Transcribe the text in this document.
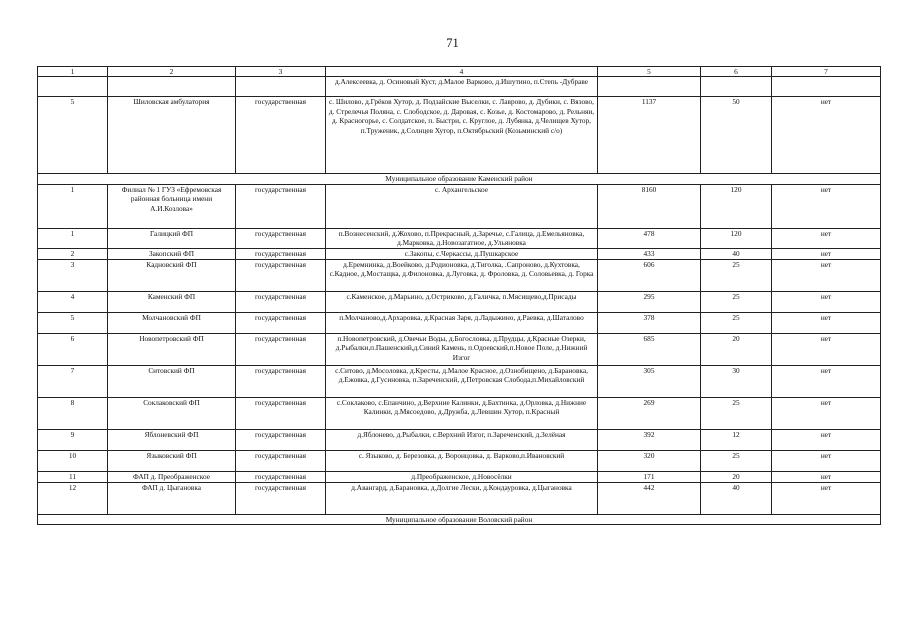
71
1	2	3	4	5	6	7
			д.Алексеевка, д. Осиновый Куст, д.Малое Варково, д.Ишутино, п.Степь -Дубраве			
5	Шиловская амбулатория	государственная	с. Шилово, д.Грёков Хутор, д. Подзайские Выселки, с. Лаврово, д. Дубики, с. Вязово, д. Стрелечья Поляна, с. Слободское, д. Даровая, с. Козье, д. Костомарово, д. Рельняи, д. Красногорье, с. Солдатское, п. Быстри, с. Круглое, д. Лубянка, д.Челищев Хутор, п.Труженик, д.Солнцев Хутор, п.Октябрьский (Козьминский с/о)	1137	50	нет
Муниципальное образование Каменский район						
1	Филиал № 1 ГУЗ «Ефремовская районная больница имени А.И.Козлова»	государственная	с. Архангельское	8160	120	нет
1	Галицкий ФП	государственная	п.Вознесенский, д.Жохово, п.Прекрасный, д.Заречье, с.Галица, д.Емельяновка, д.Марковка, д.Новозагатное, д.Ульяновка	478	120	нет
2	Закопский ФП	государственная	с.Закопы, с.Черкассы, д.Пушкарское	433	40	нет
3	Кадновский ФП	государственная	д.Еремнинка, д.Воейково, д.Родионовка, д.Тиголка, .Сапроново, д.Кухтовка, с.Кадное, д.Мостащка, д.Филоновка, д.Луговка, д. Фроловка, д. Соловьевка, д. Горка	606	25	нет
4	Каменский ФП	государственная	с.Каменское, д.Марьино, д.Остриково, д.Галичка, п.Мясищево,д.Присады	295	25	нет
5	Молчановский ФП	государственная	п.Молчаново,д.Архаровка, д.Красная Заря, д.Ладыжино, д.Раевка, д.Шаталово	378	25	нет
6	Новопетровский ФП	государственная	п.Новопетровский, д.Овечьи Воды, д.Богословка, д.Прудцы, д.Красные Озерки, д.Рыбалки,п.Пашенский,д.Синий Камень, п.Одоевский,п.Новое Поле, д.Нижний Изгог	685	20	нет
7	Ситовский ФП	государственная	с.Ситово, д.Мосоловка, д.Кресты, д.Малое Красное, д.Ознобищено, д.Барановка, д.Ежовка, д.Гусиновка, п.Зареченский, д.Петровская Слобода,п.Михайловский	305	30	нет
8	Соклаковский ФП	государственная	с.Соклаково, с.Епанчино, д.Верхние Калинки, д.Бахтинка, д.Орловка, д.Нижние Калинки, д.Мясоедово, д.Дружба, д.Левшин Хутор, п.Красный	269	25	нет
9	Яблоневский ФП	государственная	д.Яблонево, д.Рыбалки, с.Верхний Изгог, п.Зареченский, д.Зелёная	392	12	нет
10	Языковский ФП	государственная	с. Языково, д. Березовка, д. Воронцовка, д. Варково,п.Ивановский	320	25	нет
11	ФАП д. Преображенское	государственная	д.Преображенское, д.Новосёлки	171	20	нет
12	ФАП д. Цыгановка	государственная	д.Авангард, д.Барановка, д.Долгие Лески, д.Кондауровка, д.Цыгановка	442	40	нет
Муниципальное образование Воловский район						
